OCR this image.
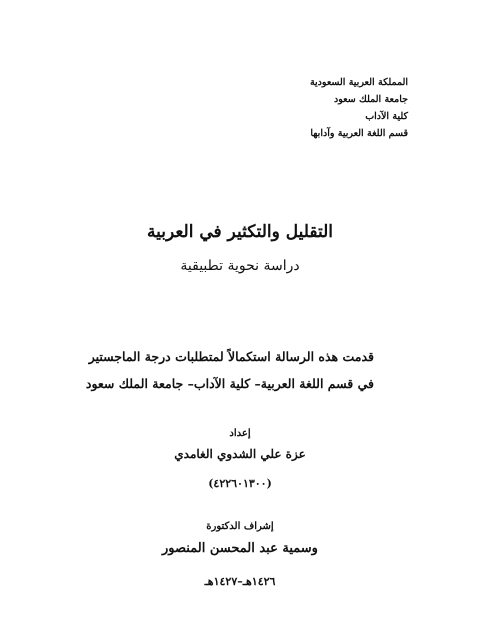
المملكة العربية السعودية
جامعة الملك سعود
كلية الآداب
قسم اللغة العربية وآدابها
التقليل والتكثير في العربية
دراسة نحوية تطبيقية
قدمت هذه الرسالة استكمالاً لمتطلبات درجة الماجستير
في قسم اللغة العربية– كلية الآداب– جامعة الملك سعود
إعداد
عزة علي الشدوي الغامدي
(٤٢٢٦٠١٣٠٠)
إشراف الدكتورة
وسمية عبد المحسن المنصور
١٤٢٦هـ–١٤٢٧هـ
